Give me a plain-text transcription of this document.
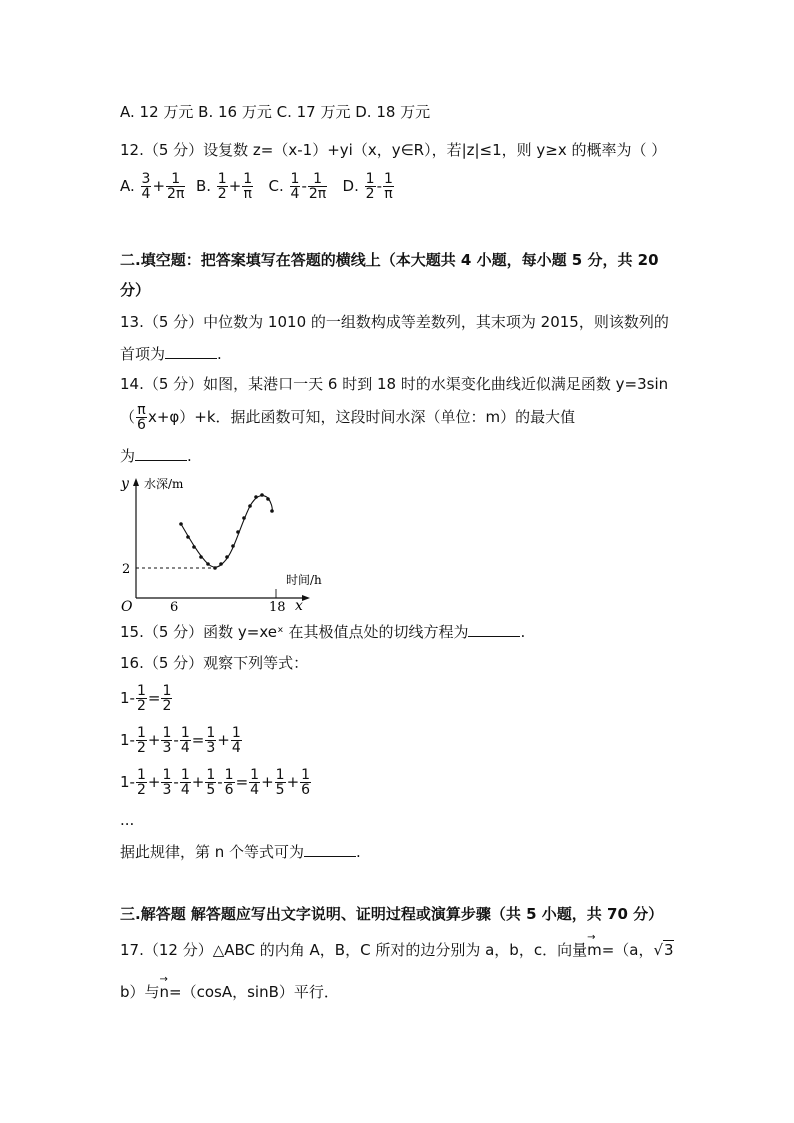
A. 12 万元 B. 16 万元 C. 17 万元 D. 18 万元
12.（5 分）设复数 z=（x-1）+yi（x，y∈R），若|z|≤1，则 y≥x 的概率为（ ）
A. $\frac{3}{4} + \frac{1}{2\pi} B$. $\frac{1}{2} + \frac{1}{\pi} C$. $\frac{1}{4} - \frac{1}{2\pi} D$. $\frac{1}{2} - \frac{1}{\pi}$
二.填空题：把答案填写在答题的横线上（本大题共 4 小题，每小题 5 分，共 20
分）
13.（5 分）中位数为 1010 的一组数构成等差数列，其末项为 2015，则该数列的
首项为	.
14.（5 分）如图，某港口一天 6 时到 18 时的水渠变化曲线近似满足函数 y=3sin
（ $\frac{\pi}{6} x+\varphi)+k$．据此函数可知，这段时间水深（单位：m）的最大值
为	.
y 水深/m
时间/h
x
O	6	18
2
15.（5 分）函数 y=xeˣ 在其极值点处的切线方程为	.
16.（5 分）观察下列等式：
$1- \frac{1}{2} = \frac{1}{2}$
$1- \frac{1}{2} + \frac{1}{3} - \frac{1}{4} = \frac{1}{3} + \frac{1}{4}$
$1- \frac{1}{2} + \frac{1}{3} - \frac{1}{4} + \frac{1}{5} - \frac{1}{6} = \frac{1}{4} + \frac{1}{5} + \frac{1}{6}$
...
据此规律，第 n 个等式可为	.
三.解答题 解答题应写出文字说明、证明过程或演算步骤（共 5 小题，共 70 分）
17.（12 分）△ABC 的内角 A，B，C 所对的边分别为 a，b，c．向量→ m=（a，√3
b）与→ n=（cosA，sinB）平行．
